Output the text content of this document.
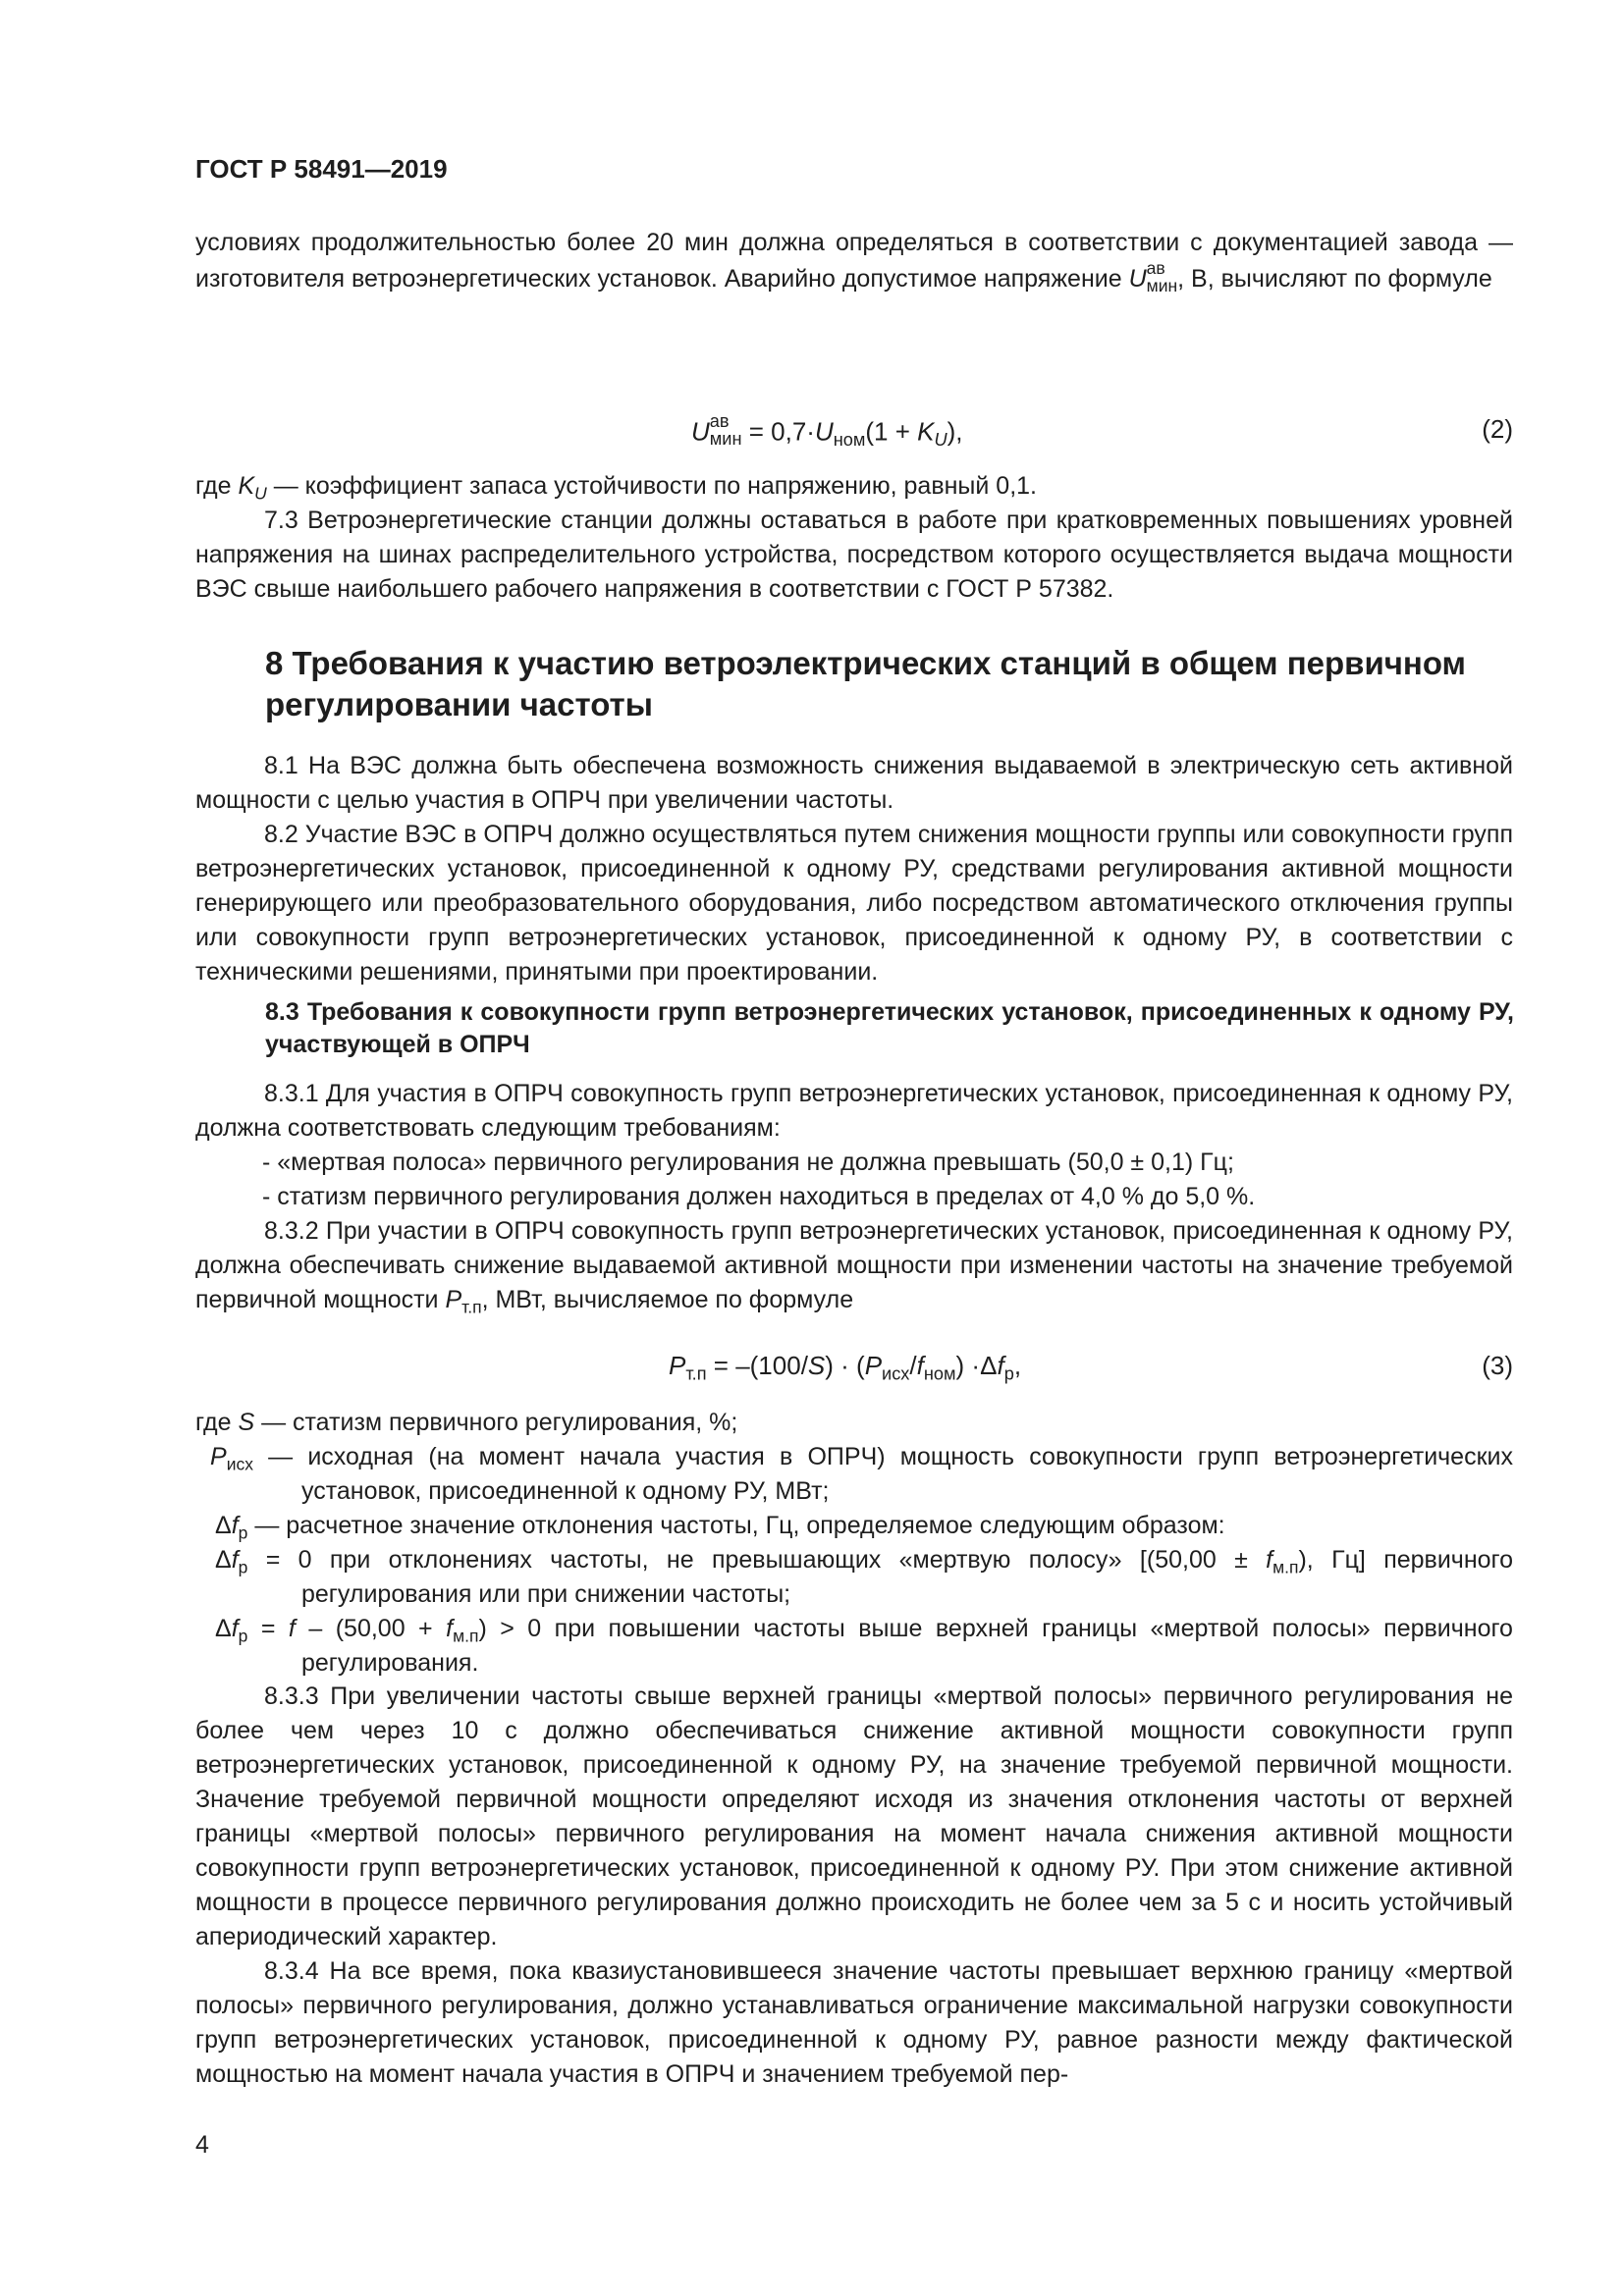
ГОСТ Р 58491—2019

условиях продолжительностью более 20 мин должна определяться в соответствии с документацией завода — изготовителя ветроэнергетических установок. Аварийно допустимое напряжение U ав
мин , В, вычисляют по формуле

U ав
мин = $0,7\cdot U_{ном}(1 + K_U)$,	(2)

где $K_U$ — коэффициент запаса устойчивости по напряжению, равный 0,1.

7.3 Ветроэнергетические станции должны оставаться в работе при кратковременных повышениях уровней напряжения на шинах распределительного устройства, посредством которого осуществляется выдача мощности ВЭС свыше наибольшего рабочего напряжения в соответствии с ГОСТ Р 57382.

8 Требования к участию ветроэлектрических станций в общем первичном регулировании частоты

8.1 На ВЭС должна быть обеспечена возможность снижения выдаваемой в электрическую сеть активной мощности с целью участия в ОПРЧ при увеличении частоты.

8.2 Участие ВЭС в ОПРЧ должно осуществляться путем снижения мощности группы или совокупности групп ветроэнергетических установок, присоединенной к одному РУ, средствами регулирования активной мощности генерирующего или преобразовательного оборудования, либо посредством автоматического отключения группы или совокупности групп ветроэнергетических установок, присоединенной к одному РУ, в соответствии с техническими решениями, принятыми при проектировании.

8.3 Требования к совокупности групп ветроэнергетических установок, присоединенных к одному РУ, участвующей в ОПРЧ

8.3.1 Для участия в ОПРЧ совокупность групп ветроэнергетических установок, присоединенная к одному РУ, должна соответствовать следующим требованиям:

- «мертвая полоса» первичного регулирования не должна превышать (50,0 ± 0,1) Гц;

- статизм первичного регулирования должен находиться в пределах от 4,0 % до 5,0 %.

8.3.2 При участии в ОПРЧ совокупность групп ветроэнергетических установок, присоединенная к одному РУ, должна обеспечивать снижение выдаваемой активной мощности при изменении частоты на значение требуемой первичной мощности $P_{т.п}$, МВт, вычисляемое по формуле

$P_{т.п} = -(100/S) \cdot (P_{исх}/f_{ном}) \cdot\Delta f_р$,	(3)

где S — статизм первичного регулирования, %;

$P_{исх}$ — исходная (на момент начала участия в ОПРЧ) мощность совокупности групп ветроэнергетических установок, присоединенной к одному РУ, МВт;

$\Delta f_р$ — расчетное значение отклонения частоты, Гц, определяемое следующим образом:

$\Delta f_р = 0$ при отклонениях частоты, не превышающих «мертвую полосу» [$(50,00 \pm f_{м.п})$, Гц] первичного регулирования или при снижении частоты;

$\Delta f_р = f - (50,00 + f_{м.п}) > 0$ при повышении частоты выше верхней границы «мертвой полосы» первичного регулирования.

8.3.3 При увеличении частоты свыше верхней границы «мертвой полосы» первичного регулирования не более чем через 10 с должно обеспечиваться снижение активной мощности совокупности групп ветроэнергетических установок, присоединенной к одному РУ, на значение требуемой первичной мощности. Значение требуемой первичной мощности определяют исходя из значения отклонения частоты от верхней границы «мертвой полосы» первичного регулирования на момент начала снижения активной мощности совокупности групп ветроэнергетических установок, присоединенной к одному РУ. При этом снижение активной мощности в процессе первичного регулирования должно происходить не более чем за 5 с и носить устойчивый апериодический характер.

8.3.4 На все время, пока квазиустановившееся значение частоты превышает верхнюю границу «мертвой полосы» первичного регулирования, должно устанавливаться ограничение максимальной нагрузки совокупности групп ветроэнергетических установок, присоединенной к одному РУ, равное разности между фактической мощностью на момент начала участия в ОПРЧ и значением требуемой пер-

4
